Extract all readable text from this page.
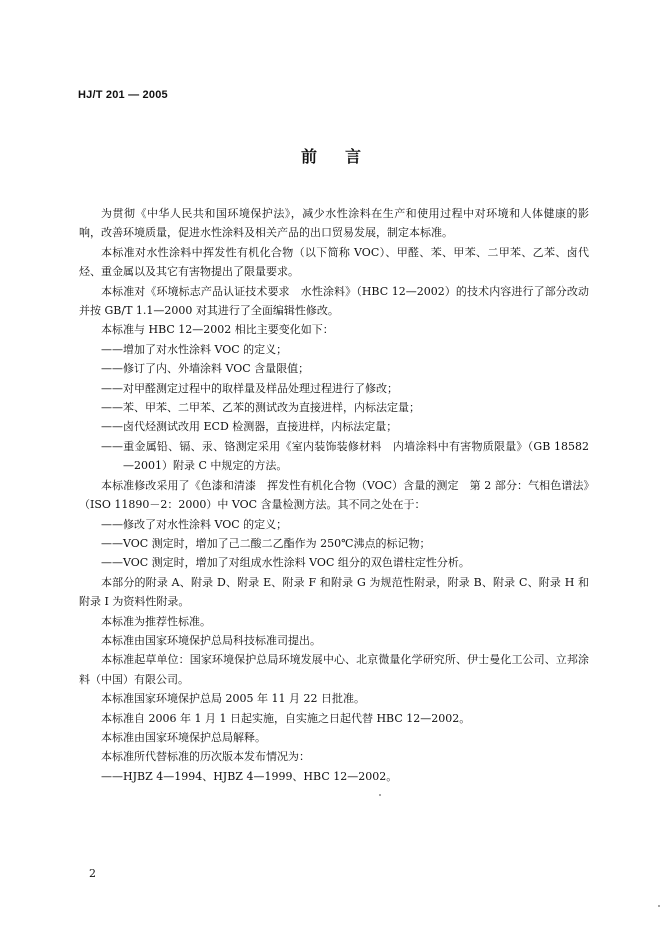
HJ/T 201 — 2005
前言

为贯彻《中华人民共和国环境保护法》，减少水性涂料在生产和使用过程中对环境和人体健康的影响，改善环境质量，促进水性涂料及相关产品的出口贸易发展，制定本标准。

本标准对水性涂料中挥发性有机化合物（以下简称 VOC）、甲醛、苯、甲苯、二甲苯、乙苯、卤代烃、重金属以及其它有害物提出了限量要求。

本标准对《环境标志产品认证技术要求　水性涂料》（HBC 12—2002）的技术内容进行了部分改动并按 GB/T 1.1—2000 对其进行了全面编辑性修改。

本标准与 HBC 12—2002 相比主要变化如下：

——增加了对水性涂料 VOC 的定义；

——修订了内、外墙涂料 VOC 含量限值；

——对甲醛测定过程中的取样量及样品处理过程进行了修改；

——苯、甲苯、二甲苯、乙苯的测试改为直接进样，内标法定量；

——卤代烃测试改用 ECD 检测器，直接进样，内标法定量；

——重金属铅、镉、汞、铬测定采用《室内装饰装修材料　内墙涂料中有害物质限量》（GB 18582—2001）附录 C 中规定的方法。

本标准修改采用了《色漆和清漆　挥发性有机化合物（VOC）含量的测定　第 2 部分：气相色谱法》（ISO 11890－2：2000）中 VOC 含量检测方法。其不同之处在于：

——修改了对水性涂料 VOC 的定义；

——VOC 测定时，增加了己二酸二乙酯作为 250℃沸点的标记物；

——VOC 测定时，增加了对组成水性涂料 VOC 组分的双色谱柱定性分析。

本部分的附录 A、附录 D、附录 E、附录 F 和附录 G 为规范性附录，附录 B、附录 C、附录 H 和附录 I 为资料性附录。

本标准为推荐性标准。

本标准由国家环境保护总局科技标准司提出。

本标准起草单位：国家环境保护总局环境发展中心、北京微量化学研究所、伊士曼化工公司、立邦涂料（中国）有限公司。

本标准国家环境保护总局 2005 年 11 月 22 日批准。

本标准自 2006 年 1 月 1 日起实施，自实施之日起代替 HBC 12—2002。

本标准由国家环境保护总局解释。

本标准所代替标准的历次版本发布情况为：

——HJBZ 4—1994、HJBZ 4—1999、HBC 12—2002。

2
